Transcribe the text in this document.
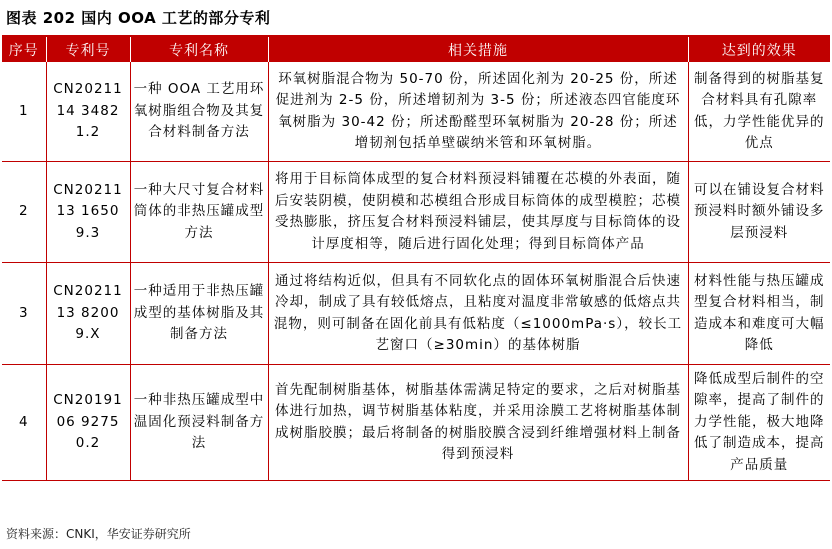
图表 202 国内 OOA 工艺的部分专利
序号	专利号	专利名称	相关措施	达到的效果
1	CN2021114 34821.2	一种 OOA 工艺用环氧树脂组合物及其复合材料制备方法	环氧树脂混合物为 50-70 份，所述固化剂为 20-25 份，所述促进剂为 2-5 份，所述增韧剂为 3-5 份；所述液态四官能度环氧树脂为 30-42 份；所述酚醛型环氧树脂为 20-28 份；所述增韧剂包括单壁碳纳米管和环氧树脂。	制备得到的树脂基复合材料具有孔隙率低，力学性能优异的优点
2	CN2021113 16509.3	一种大尺寸复合材料筒体的非热压罐成型方法	将用于目标筒体成型的复合材料预浸料铺覆在芯模的外表面，随后安装阴模，使阴模和芯模组合形成目标筒体的成型模腔；芯模受热膨胀，挤压复合材料预浸料铺层，使其厚度与目标筒体的设计厚度相等，随后进行固化处理；得到目标筒体产品	可以在铺设复合材料预浸料时额外铺设多层预浸料
3	CN2021113 82009.X	一种适用于非热压罐成型的基体树脂及其制备方法	通过将结构近似，但具有不同软化点的固体环氧树脂混合后快速冷却，制成了具有较低熔点，且粘度对温度非常敏感的低熔点共混物，则可制备在固化前具有低粘度（≤1000mPa·s），较长工艺窗口（≥30min）的基体树脂	材料性能与热压罐成型复合材料相当，制造成本和难度可大幅降低
4	CN2019106 92750.2	一种非热压罐成型中温固化预浸料制备方法	首先配制树脂基体，树脂基体需满足特定的要求，之后对树脂基体进行加热，调节树脂基体粘度，并采用涂膜工艺将树脂基体制成树脂胶膜；最后将制备的树脂胶膜含浸到纤维增强材料上制备得到预浸料	降低成型后制件的空隙率，提高了制件的力学性能，极大地降低了制造成本，提高产品质量
资料来源：CNKI，华安证券研究所
